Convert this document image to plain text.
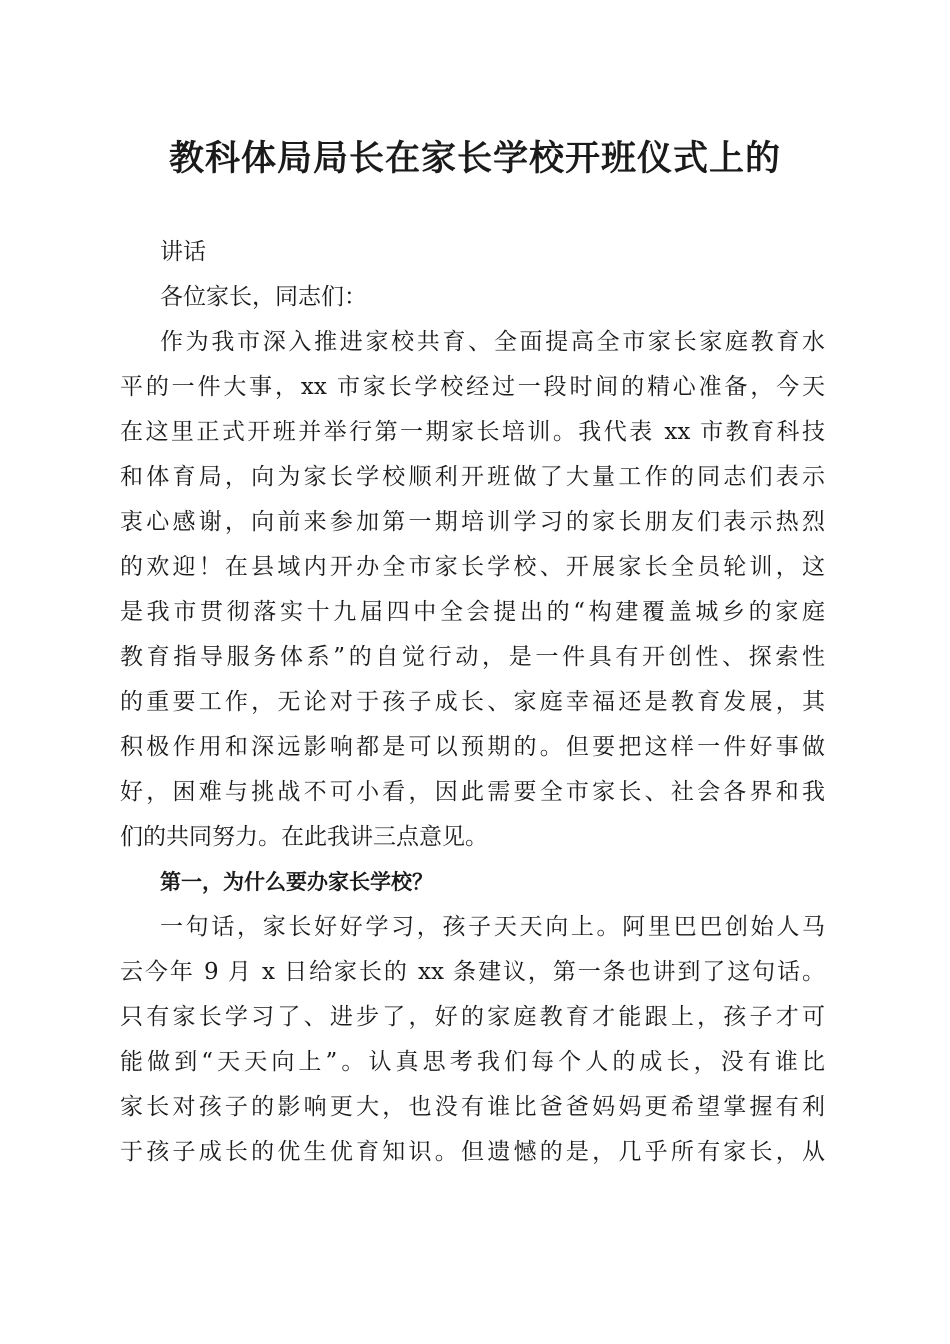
教科体局局长在家长学校开班仪式上的
讲话
各位家长，同志们：
作为我市深入推进家校共育、全面提高全市家长家庭教育水
平的一件大事，xx 市家长学校经过一段时间的精心准备，今天
在这里正式开班并举行第一期家长培训。我代表 xx 市教育科技
和体育局，向为家长学校顺利开班做了大量工作的同志们表示
衷心感谢，向前来参加第一期培训学习的家长朋友们表示热烈
的欢迎！在县域内开办全市家长学校、开展家长全员轮训，这
是我市贯彻落实十九届四中全会提出的“构建覆盖城乡的家庭
教育指导服务体系”的自觉行动，是一件具有开创性、探索性
的重要工作，无论对于孩子成长、家庭幸福还是教育发展，其
积极作用和深远影响都是可以预期的。但要把这样一件好事做
好，困难与挑战不可小看，因此需要全市家长、社会各界和我
们的共同努力。在此我讲三点意见。
第一，为什么要办家长学校？
一句话，家长好好学习，孩子天天向上。阿里巴巴创始人马
云今年 9 月 x 日给家长的 xx 条建议，第一条也讲到了这句话。
只有家长学习了、进步了，好的家庭教育才能跟上，孩子才可
能做到“天天向上”。认真思考我们每个人的成长，没有谁比
家长对孩子的影响更大，也没有谁比爸爸妈妈更希望掌握有利
于孩子成长的优生优育知识。但遗憾的是，几乎所有家长，从
